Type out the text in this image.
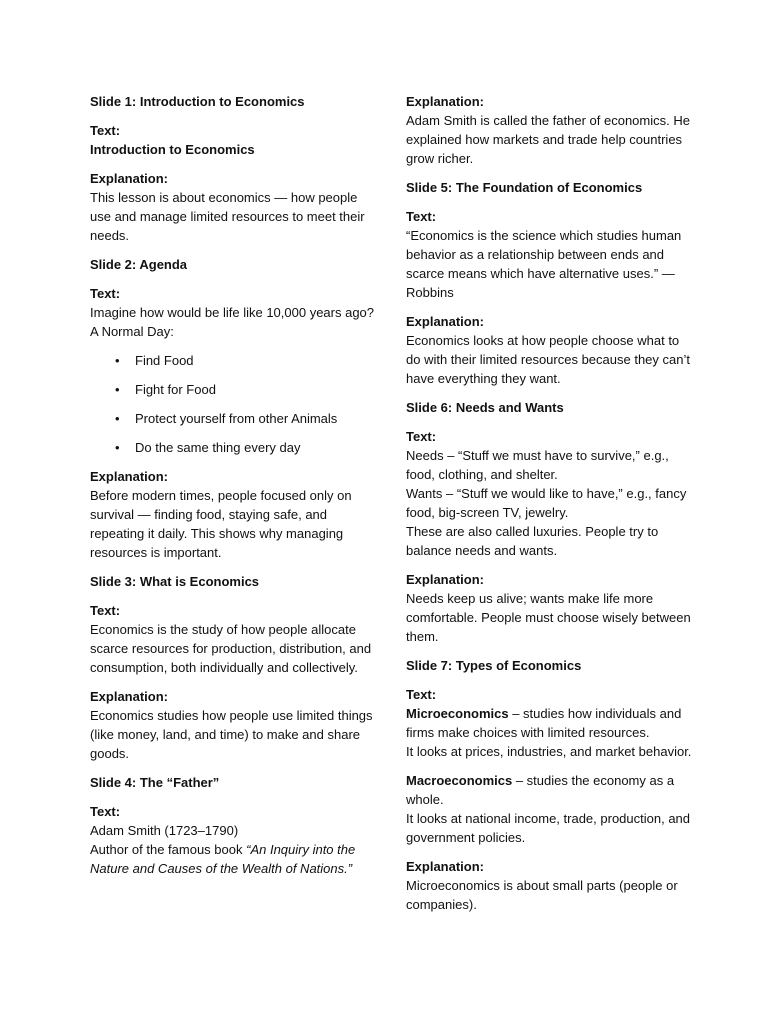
Slide 1: Introduction to Economics
Text:
Introduction to Economics
Explanation:
This lesson is about economics — how people use and manage limited resources to meet their needs.
Slide 2: Agenda
Text:
Imagine how would be life like 10,000 years ago?
A Normal Day:
• Find Food
• Fight for Food
• Protect yourself from other Animals
• Do the same thing every day
Explanation:
Before modern times, people focused only on survival — finding food, staying safe, and repeating it daily. This shows why managing resources is important.
Slide 3: What is Economics
Text:
Economics is the study of how people allocate scarce resources for production, distribution, and consumption, both individually and collectively.
Explanation:
Economics studies how people use limited things (like money, land, and time) to make and share goods.
Slide 4: The “Father”
Text:
Adam Smith (1723–1790)
Author of the famous book “An Inquiry into the Nature and Causes of the Wealth of Nations.”
Explanation:
Adam Smith is called the father of economics. He explained how markets and trade help countries grow richer.
Slide 5: The Foundation of Economics
Text:
“Economics is the science which studies human behavior as a relationship between ends and scarce means which have alternative uses.” — Robbins
Explanation:
Economics looks at how people choose what to do with their limited resources because they can’t have everything they want.
Slide 6: Needs and Wants
Text:
Needs – “Stuff we must have to survive,” e.g., food, clothing, and shelter.
Wants – “Stuff we would like to have,” e.g., fancy food, big-screen TV, jewelry.
These are also called luxuries. People try to balance needs and wants.
Explanation:
Needs keep us alive; wants make life more comfortable. People must choose wisely between them.
Slide 7: Types of Economics
Text:
Microeconomics – studies how individuals and firms make choices with limited resources.
It looks at prices, industries, and market behavior.
Macroeconomics – studies the economy as a whole.
It looks at national income, trade, production, and government policies.
Explanation:
Microeconomics is about small parts (people or companies).
